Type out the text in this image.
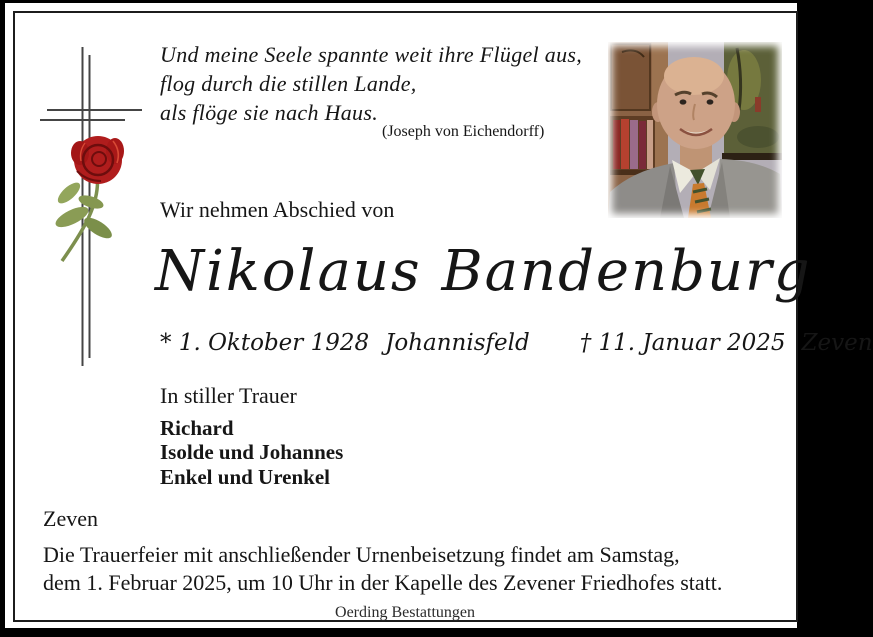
Und meine Seele spannte weit ihre Flügel aus,
flog durch die stillen Lande,
als flöge sie nach Haus.
(Joseph von Eichendorff)
Wir nehmen Abschied von
Nikolaus Bandenburg
* 1. Oktober 1928 Johannisfeld † 11. Januar 2025 Zeven
In stiller Trauer
Richard
Isolde und Johannes
Enkel und Urenkel
Zeven
Die Trauerfeier mit anschließender Urnenbeisetzung findet am Samstag,
dem 1. Februar 2025, um 10 Uhr in der Kapelle des Zevener Friedhofes statt.
Oerding Bestattungen
